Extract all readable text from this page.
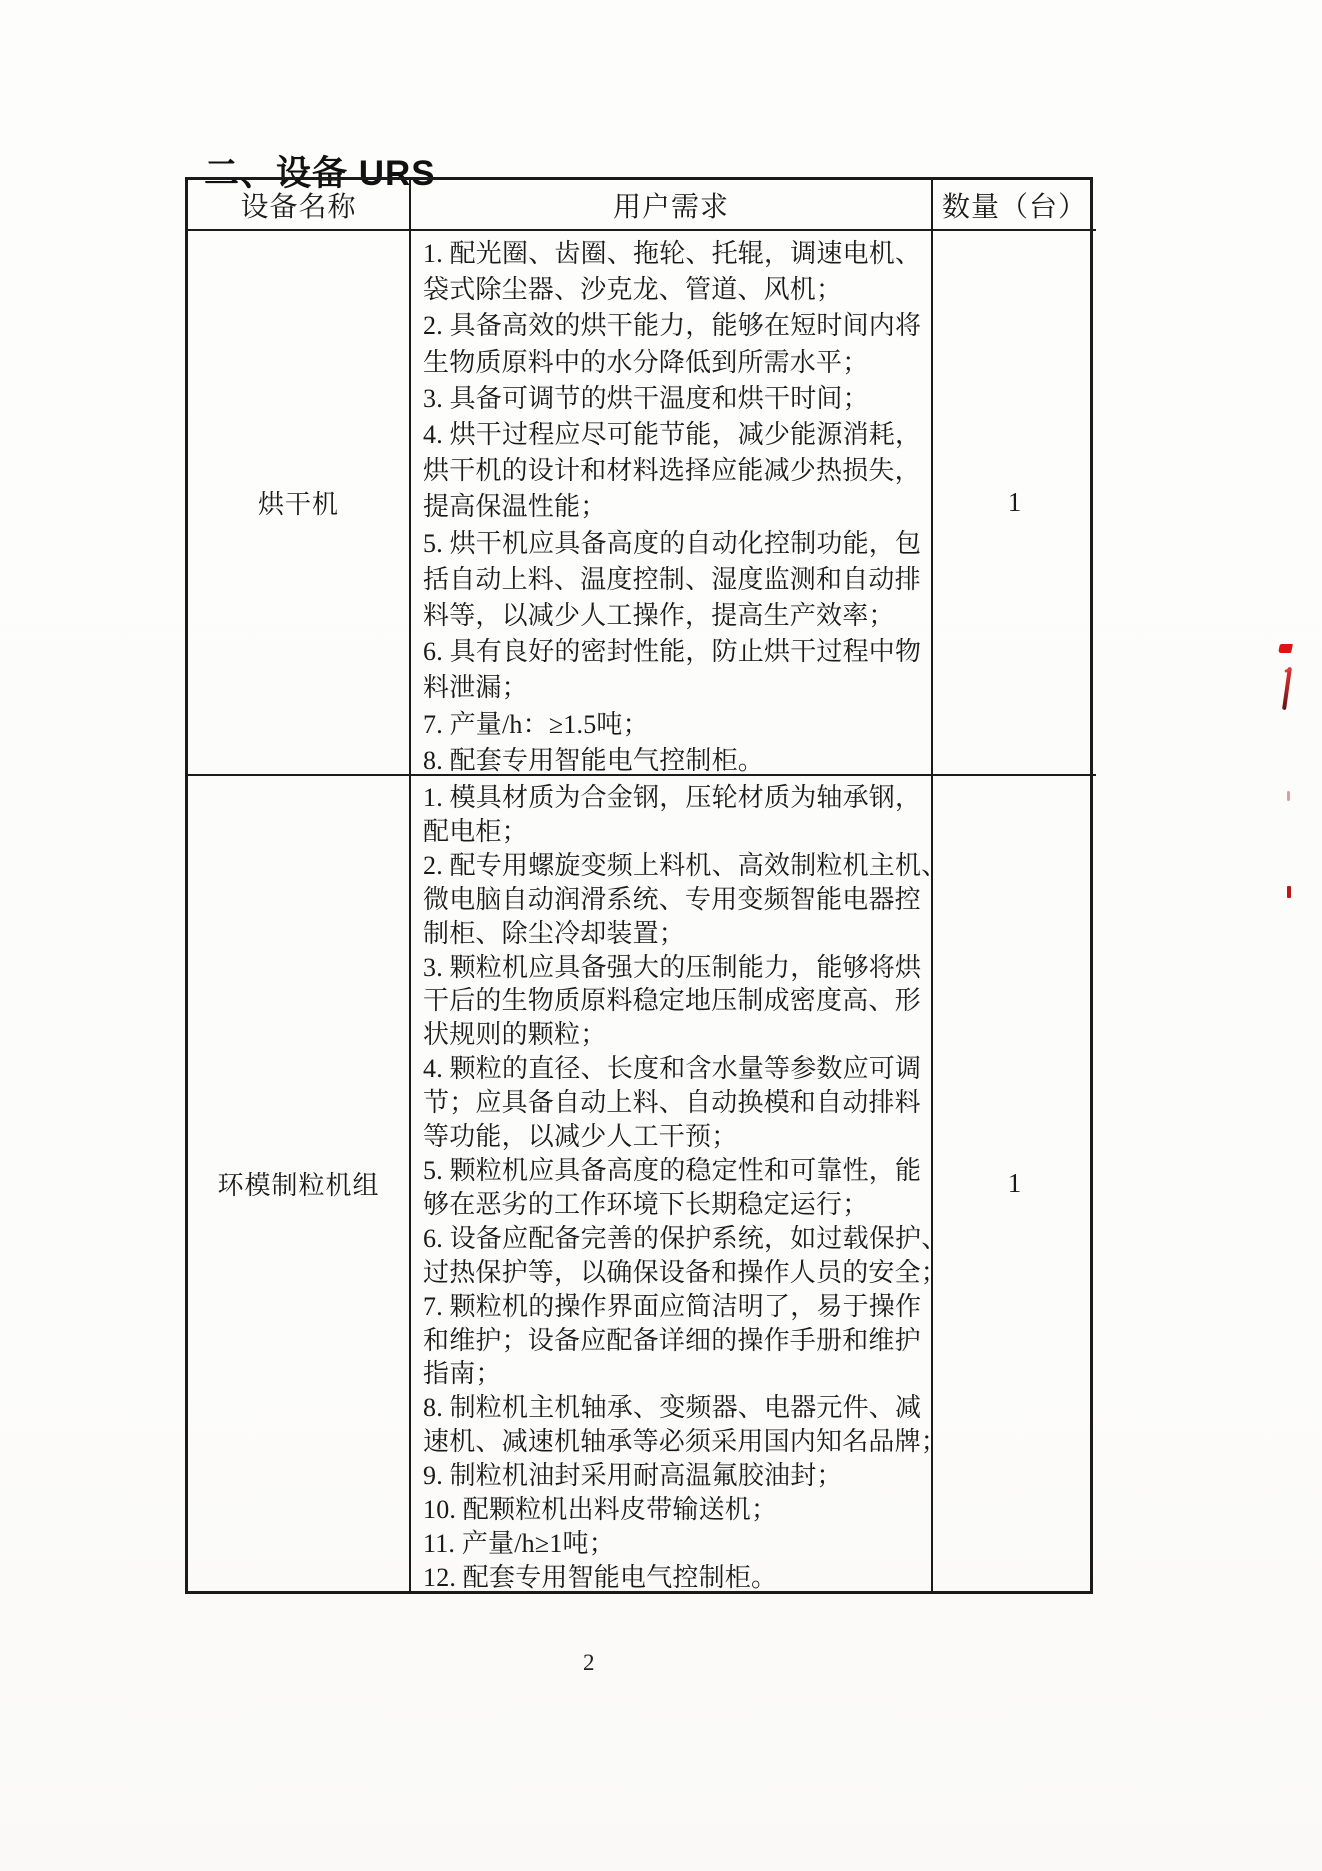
二、设备 URS
设备名称	用户需求	数量（台）
烘干机
1. 配光圈、齿圈、拖轮、托辊，调速电机、
袋式除尘器、沙克龙、管道、风机；
2. 具备高效的烘干能力，能够在短时间内将
生物质原料中的水分降低到所需水平；
3. 具备可调节的烘干温度和烘干时间；
4. 烘干过程应尽可能节能，减少能源消耗，
烘干机的设计和材料选择应能减少热损失，
提高保温性能；
5. 烘干机应具备高度的自动化控制功能，包
括自动上料、温度控制、湿度监测和自动排
料等，以减少人工操作，提高生产效率；
6. 具有良好的密封性能，防止烘干过程中物
料泄漏；
7. 产量/h：≥1.5吨；
8. 配套专用智能电气控制柜。
1
环模制粒机组
1. 模具材质为合金钢，压轮材质为轴承钢，
配电柜；
2. 配专用螺旋变频上料机、高效制粒机主机、
微电脑自动润滑系统、专用变频智能电器控
制柜、除尘冷却装置；
3. 颗粒机应具备强大的压制能力，能够将烘
干后的生物质原料稳定地压制成密度高、形
状规则的颗粒；
4. 颗粒的直径、长度和含水量等参数应可调
节；应具备自动上料、自动换模和自动排料
等功能，以减少人工干预；
5. 颗粒机应具备高度的稳定性和可靠性，能
够在恶劣的工作环境下长期稳定运行；
6. 设备应配备完善的保护系统，如过载保护、
过热保护等，以确保设备和操作人员的安全；
7. 颗粒机的操作界面应简洁明了，易于操作
和维护；设备应配备详细的操作手册和维护
指南；
8. 制粒机主机轴承、变频器、电器元件、减
速机、减速机轴承等必须采用国内知名品牌；
9. 制粒机油封采用耐高温氟胶油封；
10. 配颗粒机出料皮带输送机；
11. 产量/h≥1吨；
12. 配套专用智能电气控制柜。
1
2
